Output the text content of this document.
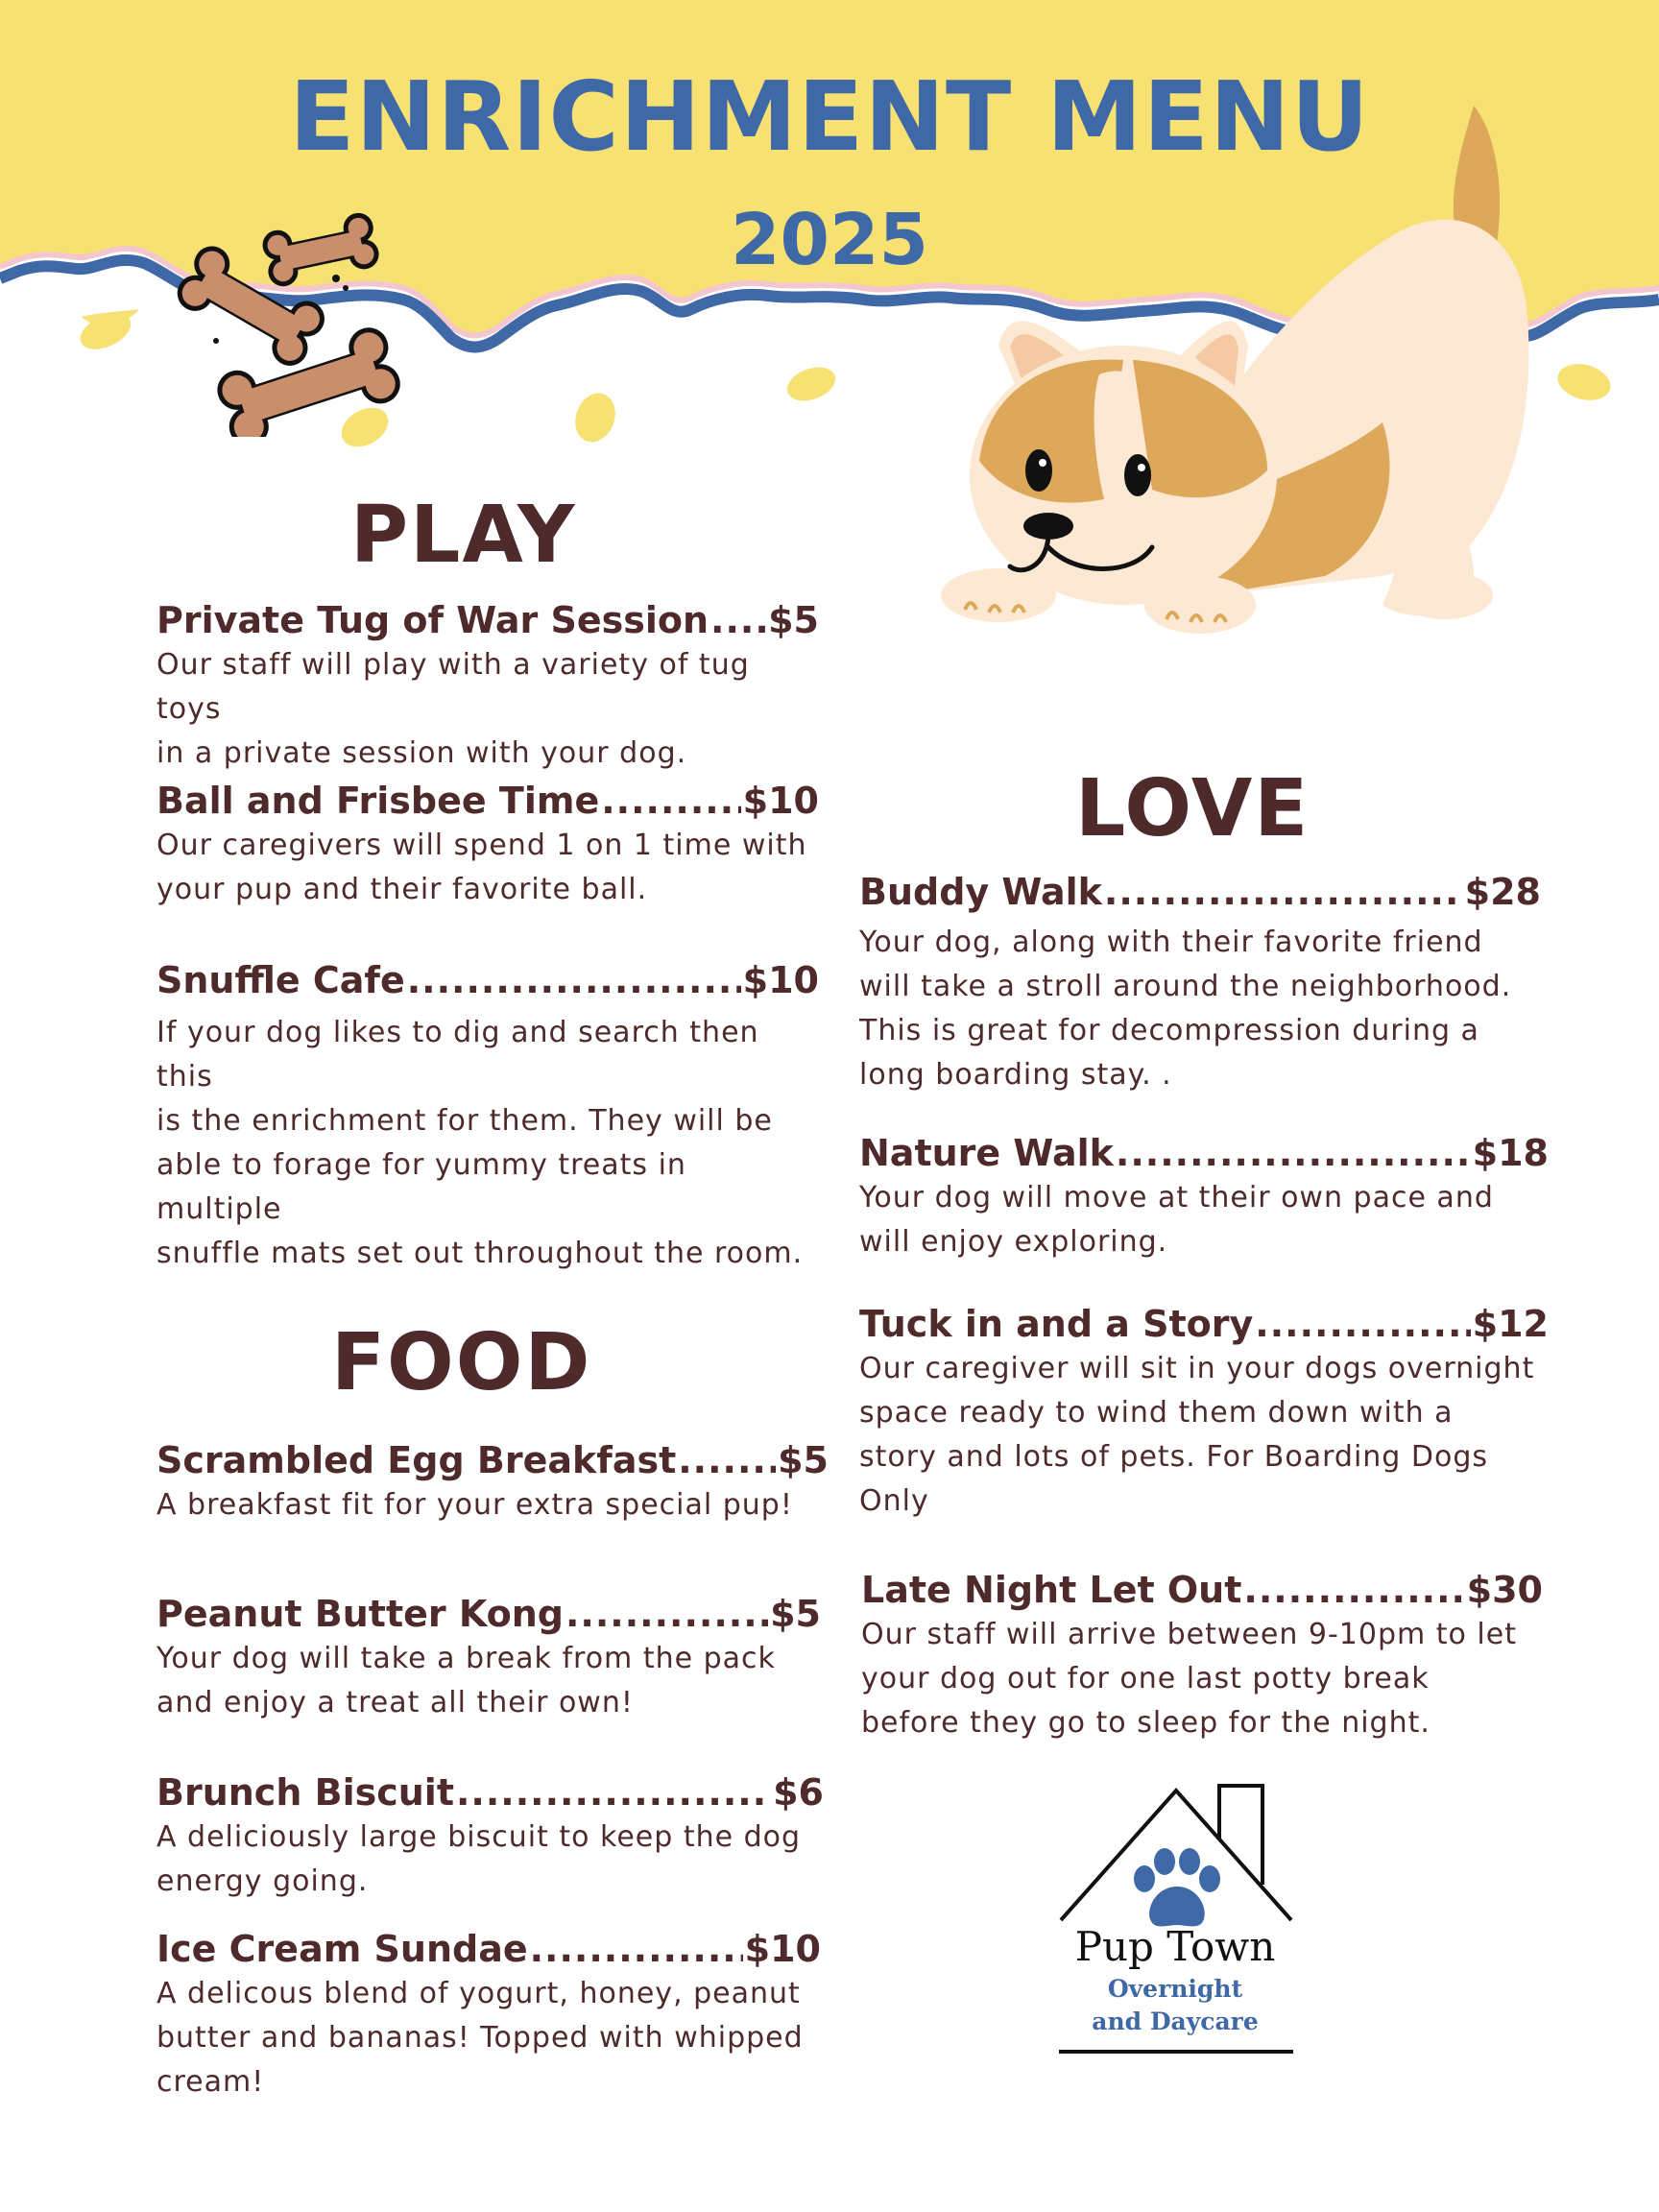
ENRICHMENT MENU
2025
PLAY
Private Tug of War Session ..... $5

Our staff will play with a variety of tug toys

in a private session with your dog.

Ball and Frisbee Time .....	$10

Our caregivers will spend 1 on 1 time with

your pup and their favorite ball.

Snuffle Cafe .....	$10

If your dog likes to dig and search then this

is the enrichment for them. They will be

able to forage for yummy treats in multiple

snuffle mats set out throughout the room.

FOOD
Scrambled Egg Breakfast .....	$5

A breakfast fit for your extra special pup!

Peanut Butter Kong .....	$5

Your dog will take a break from the pack

and enjoy a treat all their own!

Brunch Biscuit .....	$6

A deliciously large biscuit to keep the dog

energy going.

Ice Cream Sundae .....	$10

A delicous blend of yogurt, honey, peanut

butter and bananas! Topped with whipped

cream!

LOVE
Buddy Walk .....	$28

Your dog, along with their favorite friend

will take a stroll around the neighborhood.

This is great for decompression during a

long boarding stay. .

Nature Walk .....	$18

Your dog will move at their own pace and

will enjoy exploring.

Tuck in and a Story .....	$12

Our caregiver will sit in your dogs overnight

space ready to wind them down with a

story and lots of pets. For Boarding Dogs

Only

Late Night Let Out .....	$30

Our staff will arrive between 9-10pm to let

your dog out for one last potty break

before they go to sleep for the night.

Pup Town

Overnight

and Daycare
